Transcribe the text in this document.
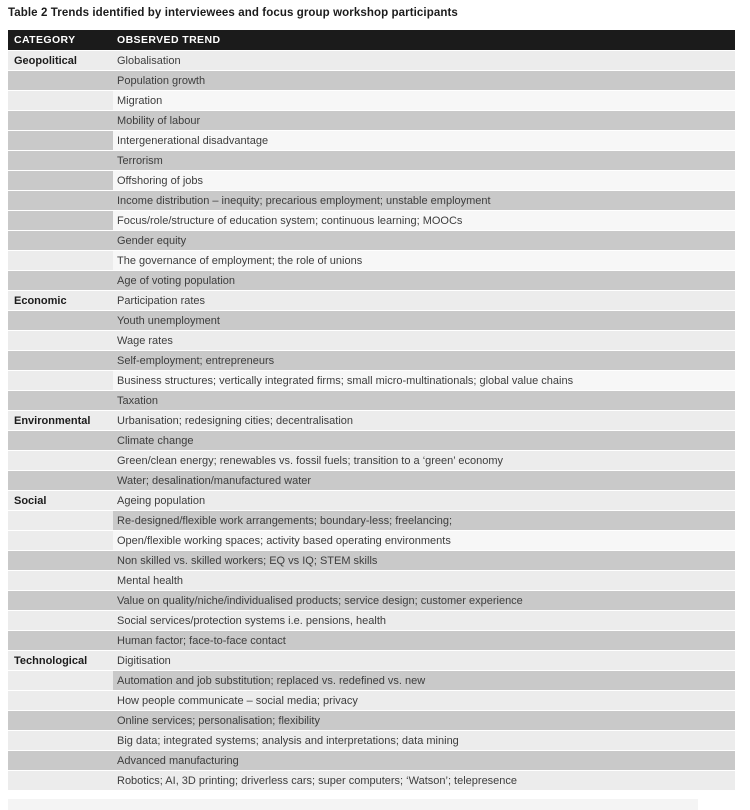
Table 2 Trends identified by interviewees and focus group workshop participants
CATEGORY	OBSERVED TREND
Geopolitical	Globalisation
Population growth
Migration
Mobility of labour
Intergenerational disadvantage
Terrorism
Offshoring of jobs
Income distribution – inequity; precarious employment; unstable employment
Focus/role/structure of education system; continuous learning; MOOCs
Gender equity
The governance of employment; the role of unions
Age of voting population
Economic	Participation rates
Youth unemployment
Wage rates
Self-employment; entrepreneurs
Business structures; vertically integrated firms; small micro-multinationals; global value chains
Taxation
Environmental	Urbanisation; redesigning cities; decentralisation
Climate change
Green/clean energy; renewables vs. fossil fuels; transition to a ‘green’ economy
Water; desalination/manufactured water
Social	Ageing population
Re-designed/flexible work arrangements; boundary-less; freelancing;
Open/flexible working spaces; activity based operating environments
Non skilled vs. skilled workers; EQ vs IQ; STEM skills
Mental health
Value on quality/niche/individualised products; service design; customer experience
Social services/protection systems i.e. pensions, health
Human factor; face-to-face contact
Technological	Digitisation
Automation and job substitution; replaced vs. redefined vs. new
How people communicate – social media; privacy
Online services; personalisation; flexibility
Big data; integrated systems; analysis and interpretations; data mining
Advanced manufacturing
Robotics; AI, 3D printing; driverless cars; super computers; ‘Watson’; telepresence
